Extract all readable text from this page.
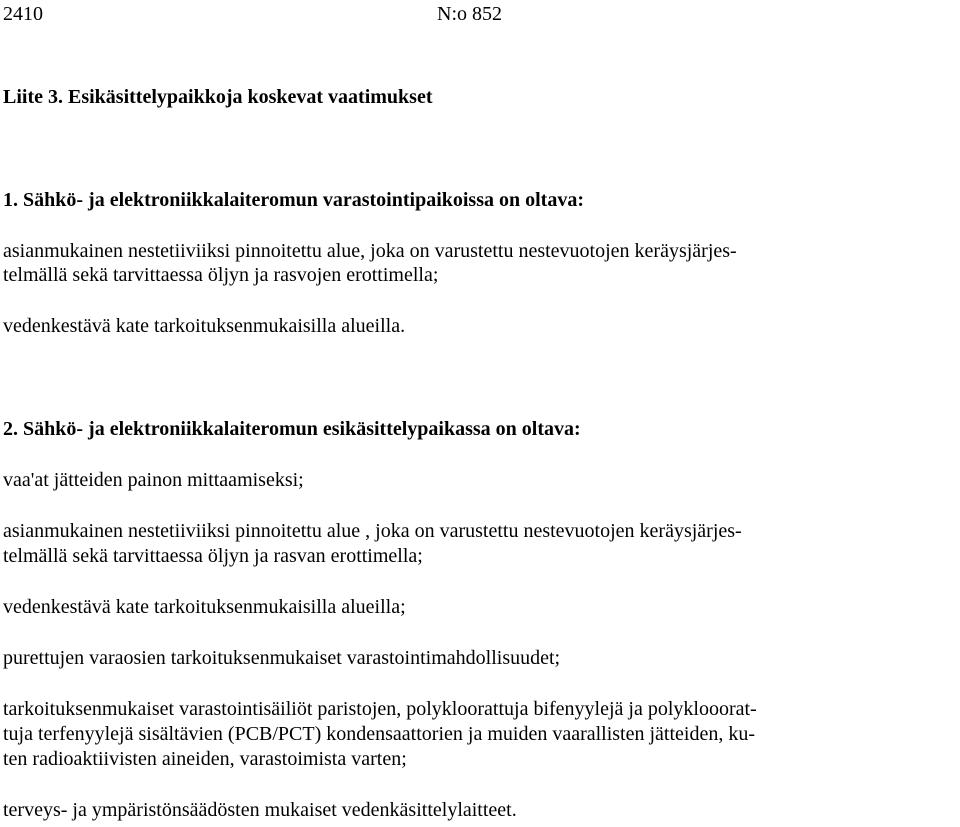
2410	N:o 852
Liite 3. Esikäsittelypaikkoja koskevat vaatimukset
1. Sähkö- ja elektroniikkalaiteromun varastointipaikoissa on oltava:
asianmukainen nestetiiviiksi pinnoitettu alue, joka on varustettu nestevuotojen keräysjärjes-
telmällä sekä tarvittaessa öljyn ja rasvojen erottimella;
vedenkestävä kate tarkoituksenmukaisilla alueilla.
2. Sähkö- ja elektroniikkalaiteromun esikäsittelypaikassa on oltava:
vaa'at jätteiden painon mittaamiseksi;
asianmukainen nestetiiviiksi pinnoitettu alue , joka on varustettu nestevuotojen keräysjärjes-
telmällä sekä tarvittaessa öljyn ja rasvan erottimella;
vedenkestävä kate tarkoituksenmukaisilla alueilla;
purettujen varaosien tarkoituksenmukaiset varastointimahdollisuudet;
tarkoituksenmukaiset varastointisäiliöt paristojen, polykloorattuja bifenyylejä ja polyklooorat-
tuja terfenyylejä sisältävien (PCB/PCT) kondensaattorien ja muiden vaarallisten jätteiden, ku-
ten radioaktiivisten aineiden, varastoimista varten;
terveys- ja ympäristönsäädösten mukaiset vedenkäsittelylaitteet.
